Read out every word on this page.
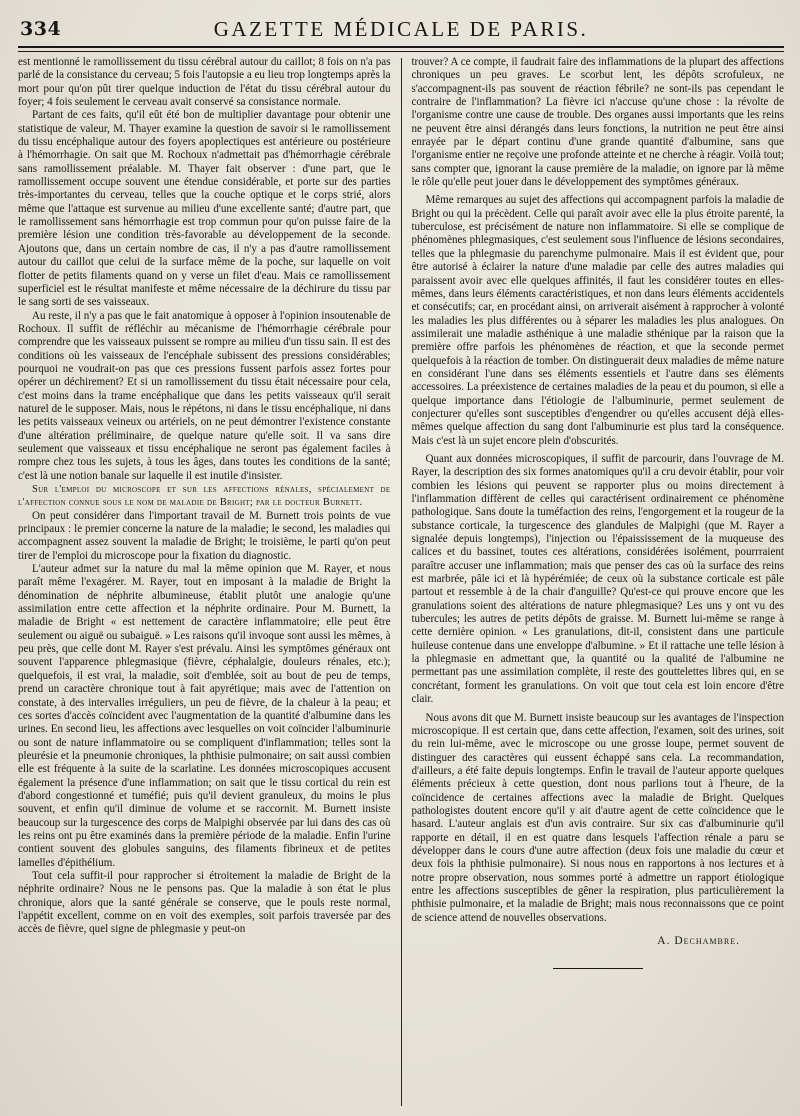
334	GAZETTE MÉDICALE DE PARIS.

est mentionné le ramollissement du tissu cérébral autour du caillot; 8 fois on n'a pas parlé de la consistance du cerveau; 5 fois l'autopsie a eu lieu trop longtemps après la mort pour qu'on pût tirer quelque induction de l'état du tissu cérébral autour du foyer; 4 fois seulement le cerveau avait conservé sa consistance normale.

Partant de ces faits, qu'il eût été bon de multiplier davantage pour obtenir une statistique de valeur, M. Thayer examine la question de savoir si le ramollissement du tissu encéphalique autour des foyers apoplectiques est antérieure ou postérieure à l'hémorrhagie. On sait que M. Rochoux n'admettait pas d'hémorrhagie cérébrale sans ramollissement préalable. M. Thayer fait observer : d'une part, que le ramollissement occupe souvent une étendue considérable, et porte sur des parties très-importantes du cerveau, telles que la couche optique et le corps strié, alors même que l'attaque est survenue au milieu d'une excellente santé; d'autre part, que le ramollissement sans hémorrhagie est trop commun pour qu'on puisse faire de la première lésion une condition très-favorable au développement de la seconde. Ajoutons que, dans un certain nombre de cas, il n'y a pas d'autre ramollissement autour du caillot que celui de la surface même de la poche, sur laquelle on voit flotter de petits filaments quand on y verse un filet d'eau. Mais ce ramollissement superficiel est le résultat manifeste et même nécessaire de la déchirure du tissu par le sang sorti de ses vaisseaux.

Au reste, il n'y a pas que le fait anatomique à opposer à l'opinion insoutenable de Rochoux. Il suffit de réfléchir au mécanisme de l'hémorrhagie cérébrale pour comprendre que les vaisseaux puissent se rompre au milieu d'un tissu sain. Il est des conditions où les vaisseaux de l'encéphale subissent des pressions considérables; pourquoi ne voudrait-on pas que ces pressions fussent parfois assez fortes pour opérer un déchirement? Et si un ramollissement du tissu était nécessaire pour cela, c'est moins dans la trame encéphalique que dans les petits vaisseaux qu'il serait naturel de le supposer. Mais, nous le répétons, ni dans le tissu encéphalique, ni dans les petits vaisseaux veineux ou artériels, on ne peut démontrer l'existence constante d'une altération préliminaire, de quelque nature qu'elle soit. Il va sans dire seulement que vaisseaux et tissu encéphalique ne seront pas également faciles à rompre chez tous les sujets, à tous les âges, dans toutes les conditions de la santé; c'est là une notion banale sur laquelle il est inutile d'insister.

Sur l'emploi du microscope et sur les affections rénales, spécialement de l'affection connue sous le nom de maladie de Bright; par le docteur Burnett.

On peut considérer dans l'important travail de M. Burnett trois points de vue principaux : le premier concerne la nature de la maladie; le second, les maladies qui accompagnent assez souvent la maladie de Bright; le troisième, le parti qu'on peut tirer de l'emploi du microscope pour la fixation du diagnostic.

L'auteur admet sur la nature du mal la même opinion que M. Rayer, et nous paraît même l'exagérer. M. Rayer, tout en imposant à la maladie de Bright la dénomination de néphrite albumineuse, établit plutôt une analogie qu'une assimilation entre cette affection et la néphrite ordinaire. Pour M. Burnett, la maladie de Bright « est nettement de caractère inflammatoire; elle peut être seulement ou aiguë ou subaiguë. » Les raisons qu'il invoque sont aussi les mêmes, à peu près, que celle dont M. Rayer s'est prévalu. Ainsi les symptômes généraux ont souvent l'apparence phlegmasique (fièvre, céphalalgie, douleurs rénales, etc.); quelquefois, il est vrai, la maladie, soit d'emblée, soit au bout de peu de temps, prend un caractère chronique tout à fait apyrétique; mais avec de l'attention on constate, à des intervalles irréguliers, un peu de fièvre, de la chaleur à la peau; et ces sortes d'accès coïncident avec l'augmentation de la quantité d'albumine dans les urines. En second lieu, les affections avec lesquelles on voit coïncider l'albuminurie ou sont de nature inflammatoire ou se compliquent d'inflammation; telles sont la pleurésie et la pneumonie chroniques, la phthisie pulmonaire; on sait aussi combien elle est fréquente à la suite de la scarlatine. Les données microscopiques accusent également la présence d'une inflammation; on sait que le tissu cortical du rein est d'abord congestionné et tuméfié; puis qu'il devient granuleux, du moins le plus souvent, et enfin qu'il diminue de volume et se raccornit. M. Burnett insiste beaucoup sur la turgescence des corps de Malpighi observée par lui dans des cas où les reins ont pu être examinés dans la première période de la maladie. Enfin l'urine contient souvent des globules sanguins, des filaments fibrineux et de petites lamelles d'épithélium.

Tout cela suffit-il pour rapprocher si étroitement la maladie de Bright de la néphrite ordinaire? Nous ne le pensons pas. Que la maladie à son état le plus chronique, alors que la santé générale se conserve, que le pouls reste normal, l'appétit excellent, comme on en voit des exemples, soit parfois traversée par des accès de fièvre, quel signe de phlegmasie y peut-on

trouver? A ce compte, il faudrait faire des inflammations de la plupart des affections chroniques un peu graves. Le scorbut lent, les dépôts scrofuleux, ne s'accompagnent-ils pas souvent de réaction fébrile? ne sont-ils pas cependant le contraire de l'inflammation? La fièvre ici n'accuse qu'une chose : la révolte de l'organisme contre une cause de trouble. Des organes aussi importants que les reins ne peuvent être ainsi dérangés dans leurs fonctions, la nutrition ne peut être ainsi enrayée par le départ continu d'une grande quantité d'albumine, sans que l'organisme entier ne reçoive une profonde atteinte et ne cherche à réagir. Voilà tout; sans compter que, ignorant la cause première de la maladie, on ignore par là même le rôle qu'elle peut jouer dans le développement des symptômes généraux.

Même remarques au sujet des affections qui accompagnent parfois la maladie de Bright ou qui la précèdent. Celle qui paraît avoir avec elle la plus étroite parenté, la tuberculose, est précisément de nature non inflammatoire. Si elle se complique de phénomènes phlegmasiques, c'est seulement sous l'influence de lésions secondaires, telles que la phlegmasie du parenchyme pulmonaire. Mais il est évident que, pour être autorisé à éclairer la nature d'une maladie par celle des autres maladies qui paraissent avoir avec elle quelques affinités, il faut les considérer toutes en elles-mêmes, dans leurs éléments caractéristiques, et non dans leurs éléments accidentels et consécutifs; car, en procédant ainsi, on arriverait aisément à rapprocher à volonté les maladies les plus différentes ou à séparer les maladies les plus analogues. On assimilerait une maladie asthénique à une maladie sthénique par la raison que la première offre parfois les phénomènes de réaction, et que la seconde permet quelquefois à la réaction de tomber. On distinguerait deux maladies de même nature en considérant l'une dans ses éléments essentiels et l'autre dans ses éléments accessoires. La préexistence de certaines maladies de la peau et du poumon, si elle a quelque importance dans l'étiologie de l'albuminurie, permet seulement de conjecturer qu'elles sont susceptibles d'engendrer ou qu'elles accusent déjà elles-mêmes quelque affection du sang dont l'albuminurie est plus tard la conséquence. Mais c'est là un sujet encore plein d'obscurités.

Quant aux données microscopiques, il suffit de parcourir, dans l'ouvrage de M. Rayer, la description des six formes anatomiques qu'il a cru devoir établir, pour voir combien les lésions qui peuvent se rapporter plus ou moins directement à l'inflammation diffèrent de celles qui caractérisent ordinairement ce phénomène pathologique. Sans doute la tuméfaction des reins, l'engorgement et la rougeur de la substance corticale, la turgescence des glandules de Malpighi (que M. Rayer a signalée depuis longtemps), l'injection ou l'épaississement de la muqueuse des calices et du bassinet, toutes ces altérations, considérées isolément, pourrraient paraître accuser une inflammation; mais que penser des cas où la surface des reins est marbrée, pâle ici et là hypérémiée; de ceux où la substance corticale est pâle partout et ressemble à de la chair d'anguille? Qu'est-ce qui prouve encore que les granulations soient des altérations de nature phlegmasique? Les uns y ont vu des tubercules; les autres de petits dépôts de graisse. M. Burnett lui-même se range à cette dernière opinion. « Les granulations, dit-il, consistent dans une particule huileuse contenue dans une enveloppe d'albumine. » Et il rattache une telle lésion à la phlegmasie en admettant que, la quantité ou la qualité de l'albumine ne permettant pas une assimilation complète, il reste des gouttelettes libres qui, en se concrétant, forment les granulations. On voit que tout cela est loin encore d'être clair.

Nous avons dit que M. Burnett insiste beaucoup sur les avantages de l'inspection microscopique. Il est certain que, dans cette affection, l'examen, soit des urines, soit du rein lui-même, avec le microscope ou une grosse loupe, permet souvent de distinguer des caractères qui eussent échappé sans cela. La recommandation, d'ailleurs, a été faite depuis longtemps. Enfin le travail de l'auteur apporte quelques éléments précieux à cette question, dont nous parlions tout à l'heure, de la coïncidence de certaines affections avec la maladie de Bright. Quelques pathologistes doutent encore qu'il y ait d'autre agent de cette coïncidence que le hasard. L'auteur anglais est d'un avis contraire. Sur six cas d'albuminurie qu'il rapporte en détail, il en est quatre dans lesquels l'affection rénale a paru se développer dans le cours d'une autre affection (deux fois une maladie du cœur et deux fois la phthisie pulmonaire). Si nous nous en rapportons à nos lectures et à notre propre observation, nous sommes porté à admettre un rapport étiologique entre les affections susceptibles de gêner la respiration, plus particulièrement la phthisie pulmonaire, et la maladie de Bright; mais nous reconnaissons que ce point de science attend de nouvelles observations.

A. Dechambre.
